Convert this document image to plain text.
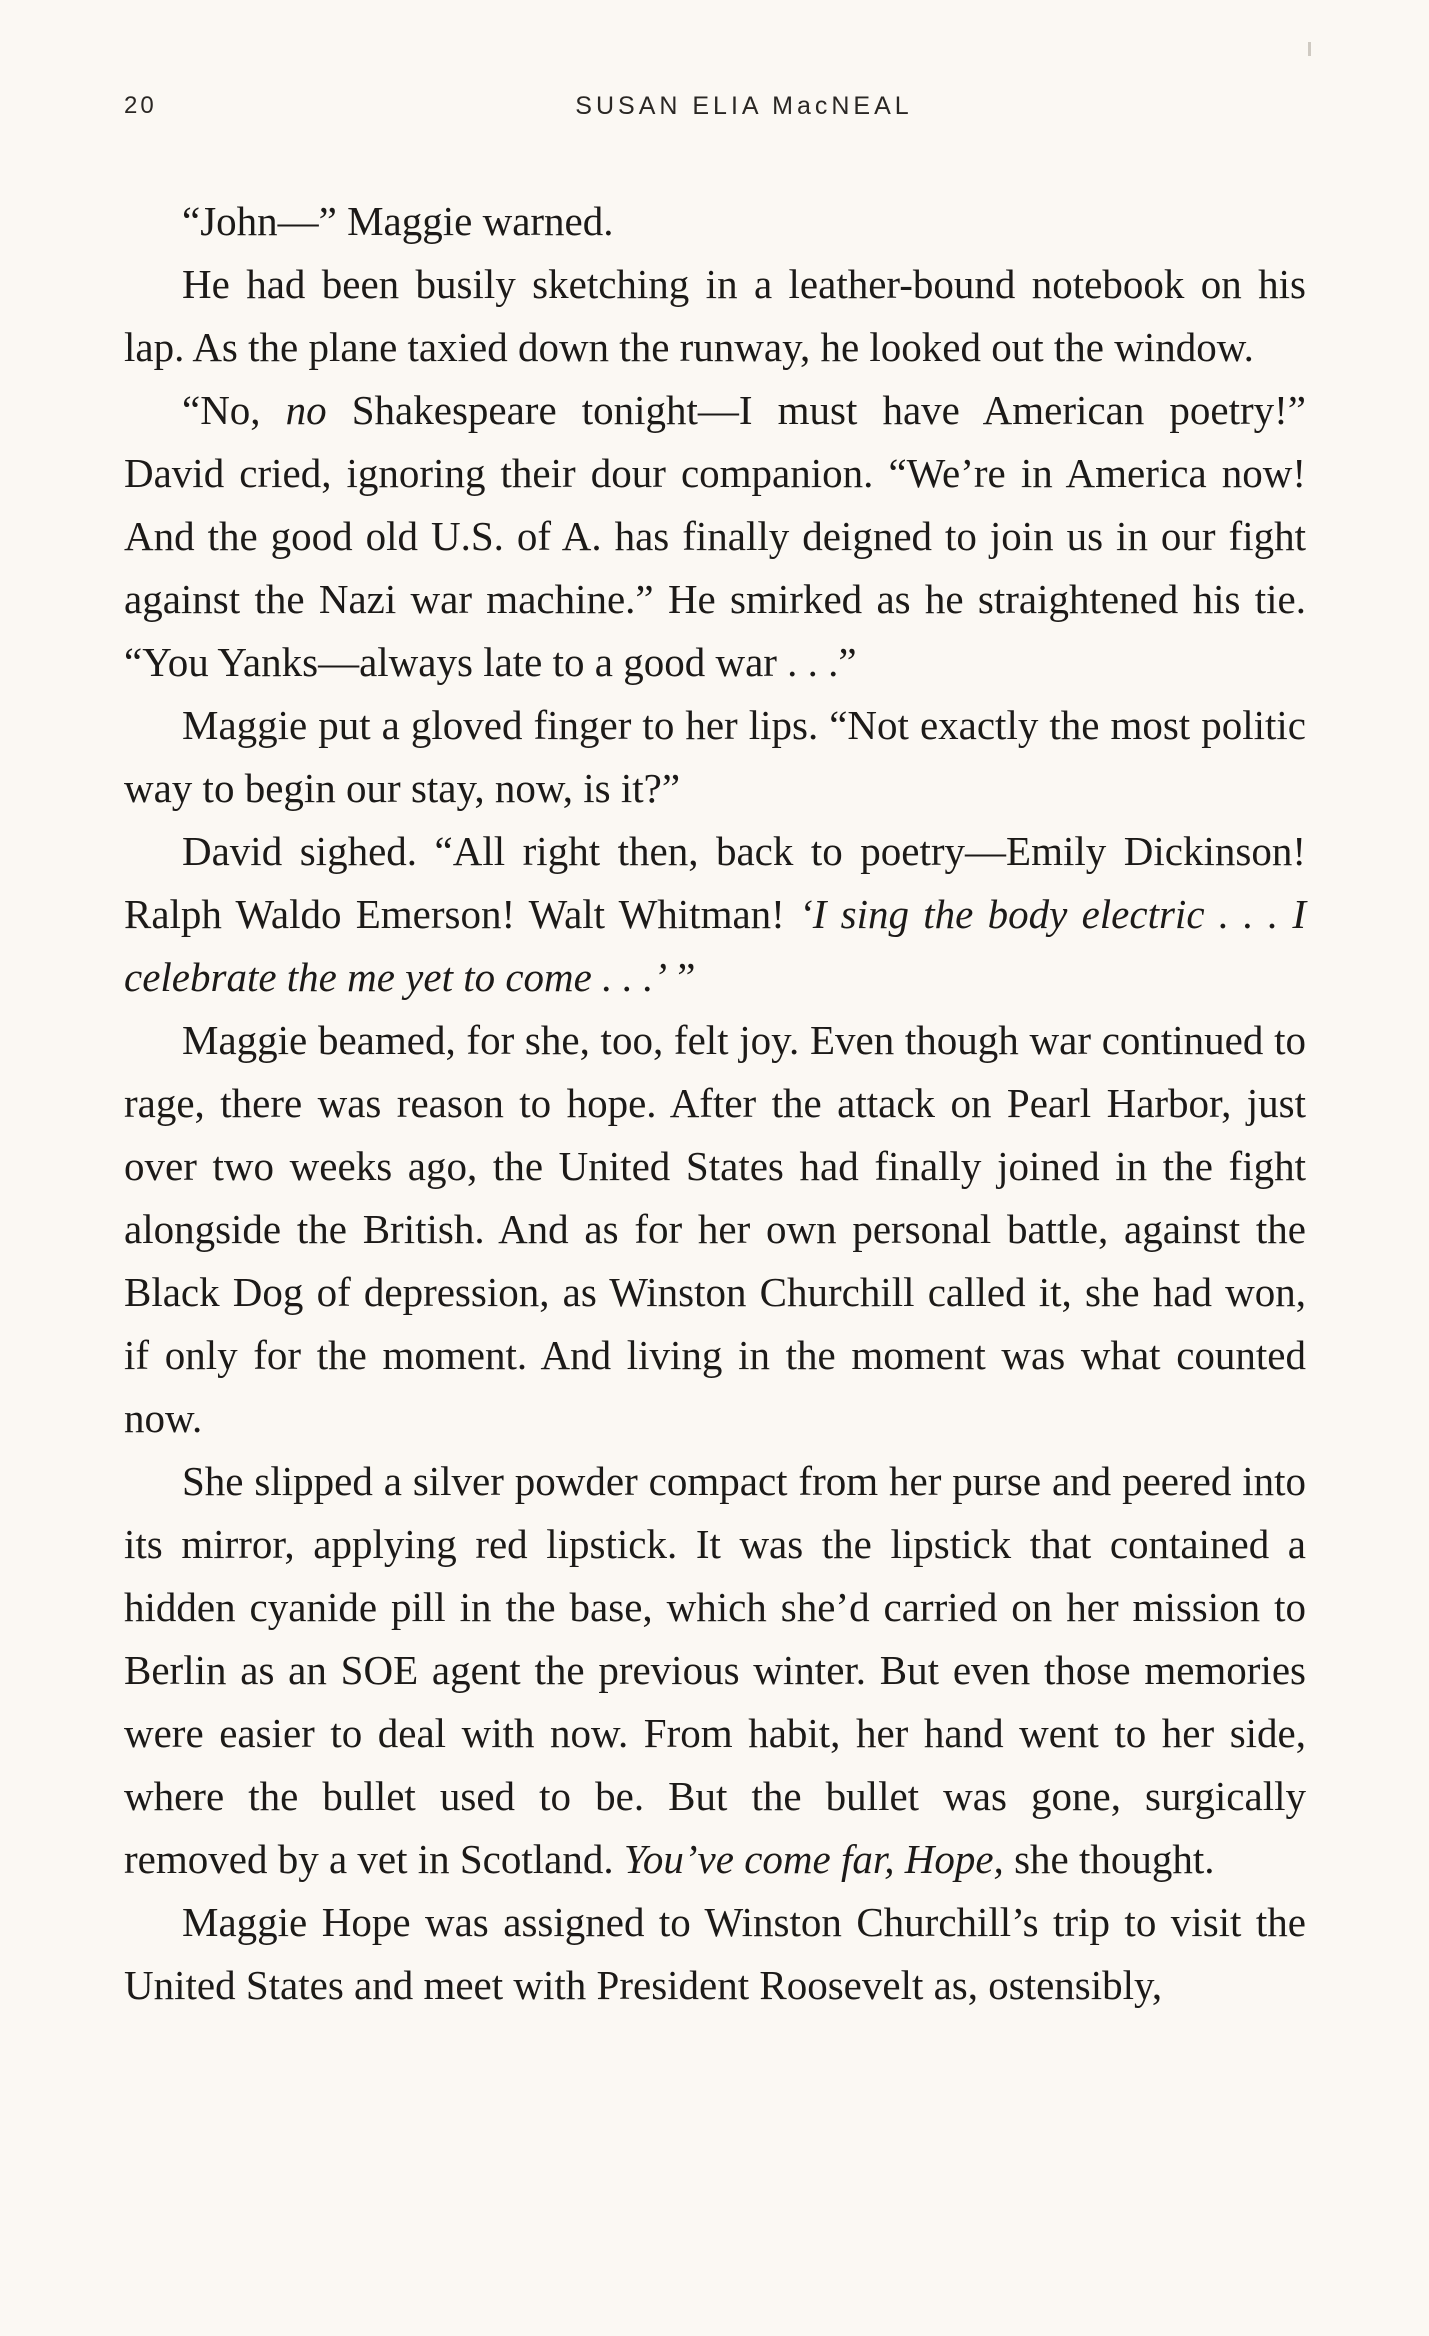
20	SUSAN ELIA MacNEAL

“John—” Maggie warned.

He had been busily sketching in a leather-bound notebook on his lap. As the plane taxied down the runway, he looked out the window.

“No, no Shakespeare tonight—I must have American poetry!” David cried, ignoring their dour companion. “We’re in America now! And the good old U.S. of A. has finally deigned to join us in our fight against the Nazi war machine.” He smirked as he straightened his tie. “You Yanks—always late to a good war . . .”

Maggie put a gloved finger to her lips. “Not exactly the most politic way to begin our stay, now, is it?”

David sighed. “All right then, back to poetry—Emily Dickinson! Ralph Waldo Emerson! Walt Whitman! ‘I sing the body electric . . . I celebrate the me yet to come . . .’ ”

Maggie beamed, for she, too, felt joy. Even though war continued to rage, there was reason to hope. After the attack on Pearl Harbor, just over two weeks ago, the United States had finally joined in the fight alongside the British. And as for her own personal battle, against the Black Dog of depression, as Winston Churchill called it, she had won, if only for the moment. And living in the moment was what counted now.

She slipped a silver powder compact from her purse and peered into its mirror, applying red lipstick. It was the lipstick that contained a hidden cyanide pill in the base, which she’d carried on her mission to Berlin as an SOE agent the previous winter. But even those memories were easier to deal with now. From habit, her hand went to her side, where the bullet used to be. But the bullet was gone, surgically removed by a vet in Scotland. You’ve come far, Hope, she thought.

Maggie Hope was assigned to Winston Churchill’s trip to visit the United States and meet with President Roosevelt as, ostensibly,
